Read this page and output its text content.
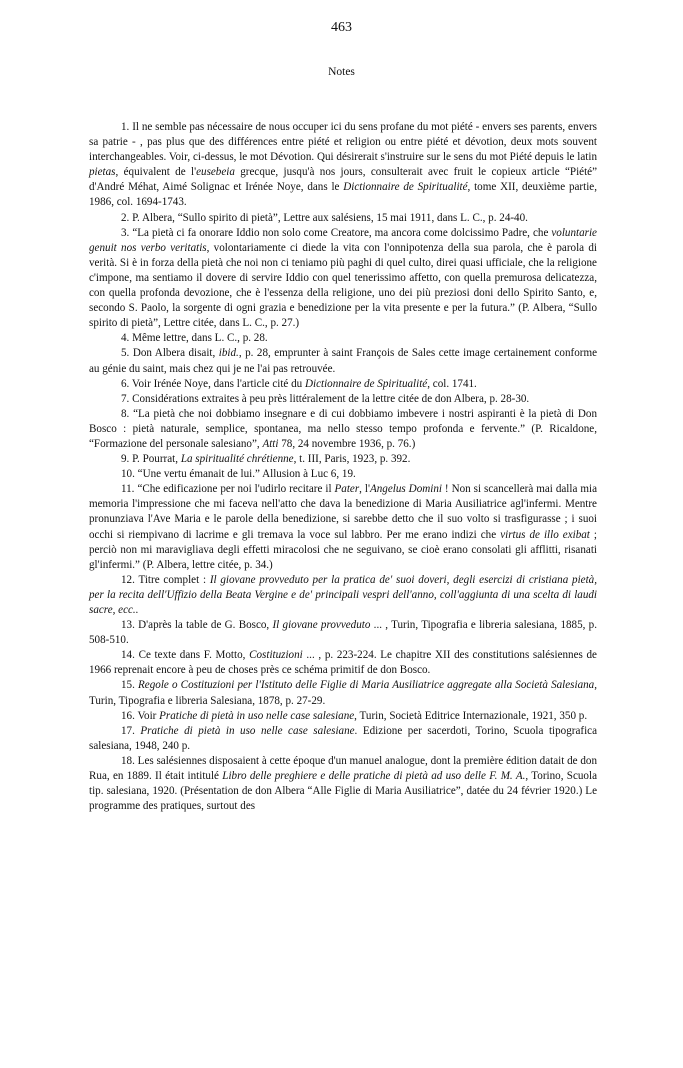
463
Notes

1. Il ne semble pas nécessaire de nous occuper ici du sens profane du mot piété - envers ses parents, envers sa patrie - , pas plus que des différences entre piété et religion ou entre piété et dévotion, deux mots souvent interchangeables. Voir, ci-dessus, le mot Dévotion. Qui désirerait s'instruire sur le sens du mot Piété depuis le latin pietas, équivalent de l'eusebeia grecque, jusqu'à nos jours, consulterait avec fruit le copieux article “Piété” d'André Méhat, Aimé Solignac et Irénée Noye, dans le Dictionnaire de Spiritualité, tome XII, deuxième partie, 1986, col. 1694-1743.

2. P. Albera, “Sullo spirito di pietà”, Lettre aux salésiens, 15 mai 1911, dans L. C., p. 24-40.

3. “La pietà ci fa onorare Iddio non solo come Creatore, ma ancora come dolcissimo Padre, che voluntarie genuit nos verbo veritatis, volontariamente ci diede la vita con l'onnipotenza della sua parola, che è parola di verità. Si è in forza della pietà che noi non ci teniamo più paghi di quel culto, direi quasi ufficiale, che la religione c'impone, ma sentiamo il dovere di servire Iddio con quel tenerissimo affetto, con quella premurosa delicatezza, con quella profonda devozione, che è l'essenza della religione, uno dei più preziosi doni dello Spirito Santo, e, secondo S. Paolo, la sorgente di ogni grazia e benedizione per la vita presente e per la futura.” (P. Albera, “Sullo spirito di pietà”, Lettre citée, dans L. C., p. 27.)

4. Même lettre, dans L. C., p. 28.

5. Don Albera disait, ibid., p. 28, emprunter à saint François de Sales cette image certainement conforme au génie du saint, mais chez qui je ne l'ai pas retrouvée.

6. Voir Irénée Noye, dans l'article cité du Dictionnaire de Spiritualité, col. 1741.

7. Considérations extraites à peu près littéralement de la lettre citée de don Albera, p. 28-30.

8. “La pietà che noi dobbiamo insegnare e di cui dobbiamo imbevere i nostri aspiranti è la pietà di Don Bosco : pietà naturale, semplice, spontanea, ma nello stesso tempo profonda e fervente.” (P. Ricaldone, “Formazione del personale salesiano”, Atti 78, 24 novembre 1936, p. 76.)

9. P. Pourrat, La spiritualité chrétienne, t. III, Paris, 1923, p. 392.

10. “Une vertu émanait de lui.” Allusion à Luc 6, 19.

11. “Che edificazione per noi l'udirlo recitare il Pater, l'Angelus Domini ! Non si scancellerà mai dalla mia memoria l'impressione che mi faceva nell'atto che dava la benedizione di Maria Ausiliatrice agl'infermi. Mentre pronunziava l'Ave Maria e le parole della benedizione, si sarebbe detto che il suo volto si trasfigurasse ; i suoi occhi si riempivano di lacrime e gli tremava la voce sul labbro. Per me erano indizi che virtus de illo exibat ; perciò non mi maravigliava degli effetti miracolosi che ne seguivano, se cioè erano consolati gli afflitti, risanati gl'infermi.” (P. Albera, lettre citée, p. 34.)

12. Titre complet : Il giovane provveduto per la pratica de' suoi doveri, degli esercizi di cristiana pietà, per la recita dell'Uffizio della Beata Vergine e de' principali vespri dell'anno, coll'aggiunta di una scelta di laudi sacre, ecc..

13. D'après la table de G. Bosco, Il giovane provveduto ... , Turin, Tipografia e libreria salesiana, 1885, p. 508-510.

14. Ce texte dans F. Motto, Costituzioni ... , p. 223-224. Le chapitre XII des constitutions salésiennes de 1966 reprenait encore à peu de choses près ce schéma primitif de don Bosco.

15. Regole o Costituzioni per l'Istituto delle Figlie di Maria Ausiliatrice aggregate alla Società Salesiana, Turin, Tipografia e libreria Salesiana, 1878, p. 27-29.

16. Voir Pratiche di pietà in uso nelle case salesiane, Turin, Società Editrice Internazionale, 1921, 350 p.

17. Pratiche di pietà in uso nelle case salesiane. Edizione per sacerdoti, Torino, Scuola tipografica salesiana, 1948, 240 p.

18. Les salésiennes disposaient à cette époque d'un manuel analogue, dont la première édition datait de don Rua, en 1889. Il était intitulé Libro delle preghiere e delle pratiche di pietà ad uso delle F. M. A., Torino, Scuola tip. salesiana, 1920. (Présentation de don Albera “Alle Figlie di Maria Ausiliatrice”, datée du 24 février 1920.) Le programme des pratiques, surtout des
